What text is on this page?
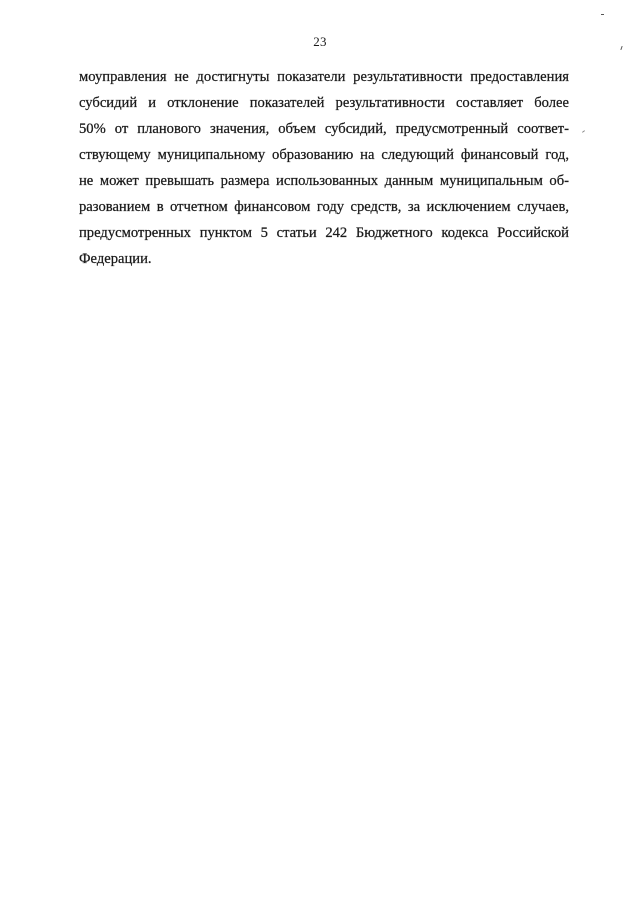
23
моуправления не достигнуты показатели результативности предоставления
субсидий и отклонение показателей результативности составляет более
50% от планового значения, объем субсидий, предусмотренный соответ-
ствующему муниципальному образованию на следующий финансовый год,
не может превышать размера использованных данным муниципальным об-
разованием в отчетном финансовом году средств, за исключением случаев,
предусмотренных пунктом 5 статьи 242 Бюджетного кодекса Российской
Федерации.
